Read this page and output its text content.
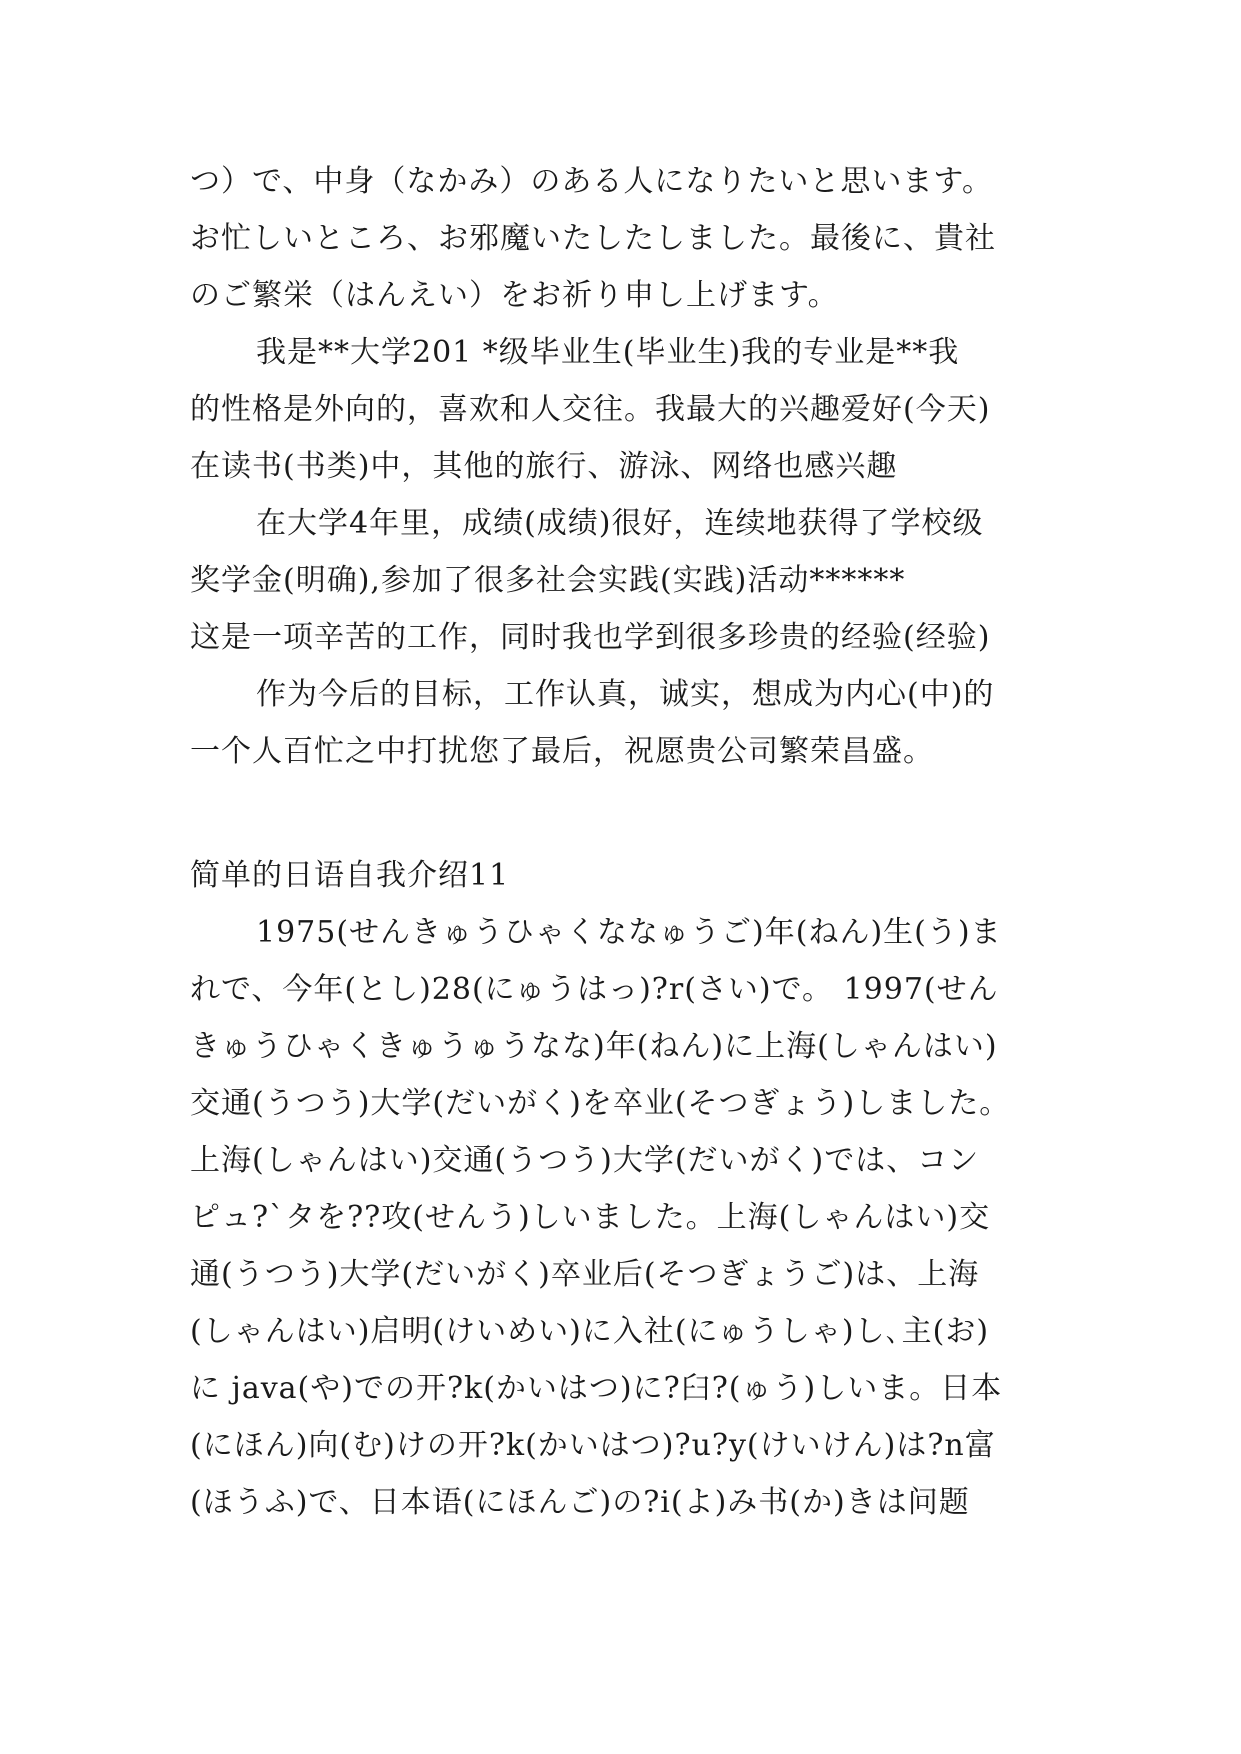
つ）で、中身（なかみ）のある人になりたいと思います。
お忙しいところ、お邪魔いたしたしました。最後に、貴社
のご繁栄（はんえい）をお祈り申し上げます。
我是**大学201 *级毕业生(毕业生)我的专业是**我
的性格是外向的，喜欢和人交往。我最大的兴趣爱好(今天)
在读书(书类)中，其他的旅行、游泳、网络也感兴趣
在大学4年里，成绩(成绩)很好，连续地获得了学校级
奖学金(明确),参加了很多社会实践(实践)活动******
这是一项辛苦的工作，同时我也学到很多珍贵的经验(经验)
作为今后的目标，工作认真，诚实，想成为内心(中)的
一个人百忙之中打扰您了最后，祝愿贵公司繁荣昌盛。
简单的日语自我介绍11
1975(せんきゅうひゃくななゅうご)年(ねん)生(う)ま
れで、今年(とし)28(にゅうはっ)?r(さい)で。 1997(せん
きゅうひゃくきゅうゅうなな)年(ねん)に上海(しゃんはい)
交通(うつう)大学(だいがく)を卒业(そつぎょう)しました。
上海(しゃんはい)交通(うつう)大学(だいがく)では、コン
ピュ?`タを??攻(せんう)しいました。上海(しゃんはい)交
通(うつう)大学(だいがく)卒业后(そつぎょうご)は、上海
(しゃんはい)启明(けいめい)に入社(にゅうしゃ)し､主(お)
に java(や)での开?k(かいはつ)に?臼?(ゅう)しいま。日本
(にほん)向(む)けの开?k(かいはつ)?u?y(けいけん)は?n富
(ほうふ)で、日本语(にほんご)の?i(よ)み书(か)きは问题
